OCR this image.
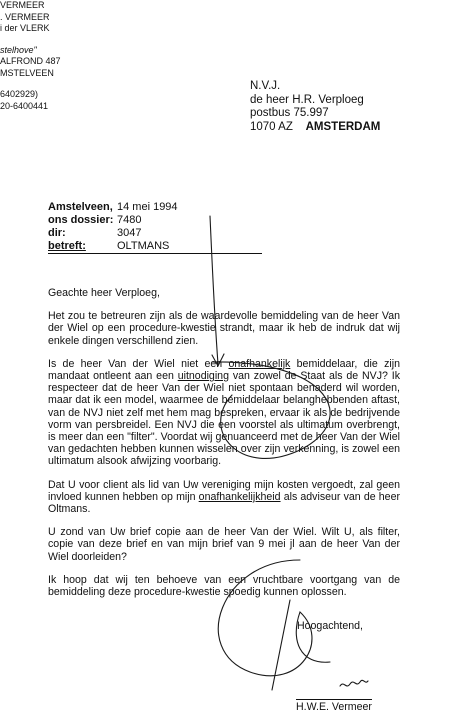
VERMEER
. VERMEER
i der VLERK
stelhove"
ALFROND 487
MSTELVEEN
6402929)
20-6400441
N.V.J.
de heer H.R. Verploeg
postbus 75.997
1070 AZ AMSTERDAM
Amstelveen, 14 mei 1994
ons dossier: 7480
dir:	3047
betreft:	OLTMANS

Geachte heer Verploeg,

Het zou te betreuren zijn als de waardevolle bemiddeling van de heer Van der Wiel op een procedure-kwestie strandt, maar ik heb de indruk dat wij enkele dingen verschillend zien.

Is de heer Van der Wiel niet een onafhankelijk bemiddelaar, die zijn mandaat ontleent aan een uitnodiging van zowel de Staat als de NVJ? Ik respecteer dat de heer Van der Wiel niet spontaan benaderd wil worden, maar dat ik een model, waarmee de bemiddelaar belanghebbenden aftast, van de NVJ niet zelf met hem mag bespreken, ervaar ik als de bedrijvende vorm van persbreidel. Een NVJ die een voorstel als ultimatum overbrengt, is meer dan een "filter". Voordat wij genuanceerd met de heer Van der Wiel van gedachten hebben kunnen wisselen over zijn verkenning, is zowel een ultimatum alsook afwijzing voorbarig.

Dat U voor client als lid van Uw vereniging mijn kosten vergoedt, zal geen invloed kunnen hebben op mijn onafhankelijkheid als adviseur van de heer Oltmans.

U zond van Uw brief copie aan de heer Van der Wiel. Wilt U, als filter, copie van deze brief en van mijn brief van 9 mei jl aan de heer Van der Wiel doorleiden?

Ik hoop dat wij ten behoeve van een vruchtbare voortgang van de bemiddeling deze procedure-kwestie spoedig kunnen oplossen.

Hoogachtend,
H.W.E. Vermeer
